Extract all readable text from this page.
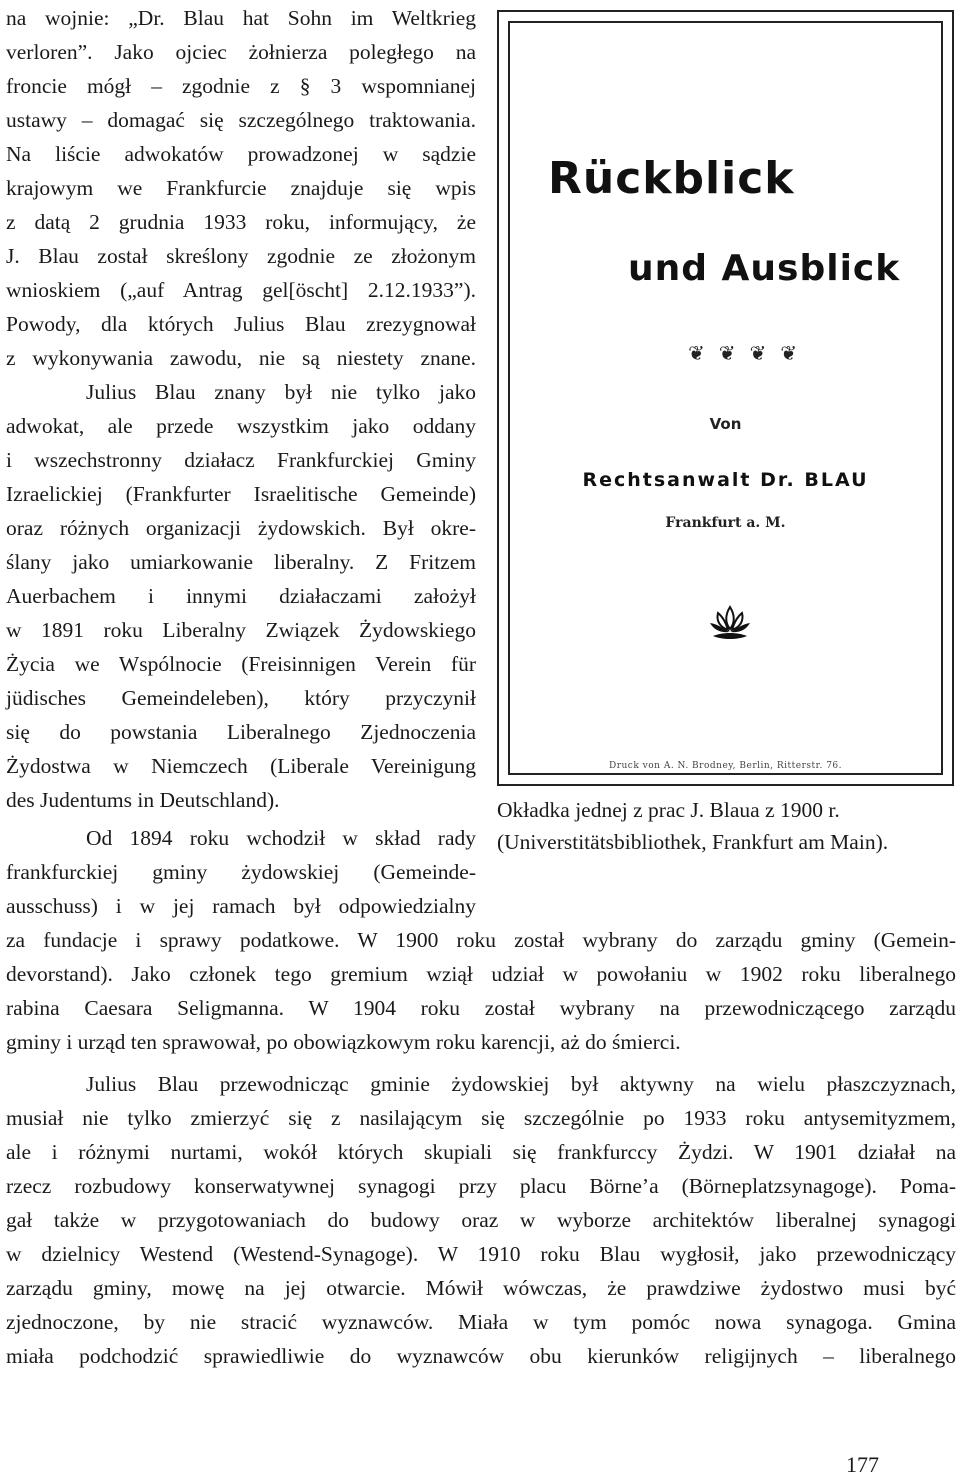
na wojnie: „Dr. Blau hat Sohn im Weltkrieg

verloren”. Jako ojciec żołnierza poległego na

froncie mógł – zgodnie z § 3 wspomnianej

ustawy – domagać się szczególnego traktowania.

Na liście adwokatów prowadzonej w sądzie

krajowym we Frankfurcie znajduje się wpis

z datą 2 grudnia 1933 roku, informujący, że

J. Blau został skreślony zgodnie ze złożonym

wnioskiem („auf Antrag gel[öscht] 2.12.1933”).

Powody, dla których Julius Blau zrezygnował

z wykonywania zawodu, nie są niestety znane.

Julius Blau znany był nie tylko jako

adwokat, ale przede wszystkim jako oddany

i wszechstronny działacz Frankfurckiej Gminy

Izraelickiej (Frankfurter Israelitische Gemeinde)

oraz różnych organizacji żydowskich. Był okre-

ślany jako umiarkowanie liberalny. Z Fritzem

Auerbachem i innymi działaczami założył

w 1891 roku Liberalny Związek Żydowskiego

Życia we Wspólnocie (Freisinnigen Verein für

jüdisches Gemeindeleben), który przyczynił

się do powstania Liberalnego Zjednoczenia

Żydostwa w Niemczech (Liberale Vereinigung

des Judentums in Deutschland).

Od 1894 roku wchodził w skład rady

frankfurckiej gminy żydowskiej (Gemeinde-

ausschuss) i w jej ramach był odpowiedzialny

za fundacje i sprawy podatkowe. W 1900 roku został wybrany do zarządu gminy (Gemein-

devorstand). Jako członek tego gremium wziął udział w powołaniu w 1902 roku liberalnego

rabina Caesara Seligmanna. W 1904 roku został wybrany na przewodniczącego zarządu

gminy i urząd ten sprawował, po obowiązkowym roku karencji, aż do śmierci.

Julius Blau przewodnicząc gminie żydowskiej był aktywny na wielu płaszczyznach,

musiał nie tylko zmierzyć się z nasilającym się szczególnie po 1933 roku antysemityzmem,

ale i różnymi nurtami, wokół których skupiali się frankfurccy Żydzi. W 1901 działał na

rzecz rozbudowy konserwatywnej synagogi przy placu Börne’a (Börneplatzsynagoge). Poma-

gał także w przygotowaniach do budowy oraz w wyborze architektów liberalnej synagogi

w dzielnicy Westend (Westend-Synagoge). W 1910 roku Blau wygłosił, jako przewodniczący

zarządu gminy, mowę na jej otwarcie. Mówił wówczas, że prawdziwe żydostwo musi być

zjednoczone, by nie stracić wyznawców. Miała w tym pomóc nowa synagoga. Gmina

miała podchodzić sprawiedliwie do wyznawców obu kierunków religijnych – liberalnego

Rückblick
und Ausblick
❦❦❦❦
Von
Rechtsanwalt Dr. BLAU
Frankfurt a. M.
Druck von A. N. Brodney, Berlin, Ritterstr. 76.

Okładka jednej z prac J. Blaua z 1900 r.

(Universtitätsbibliothek, Frankfurt am Main).

177
